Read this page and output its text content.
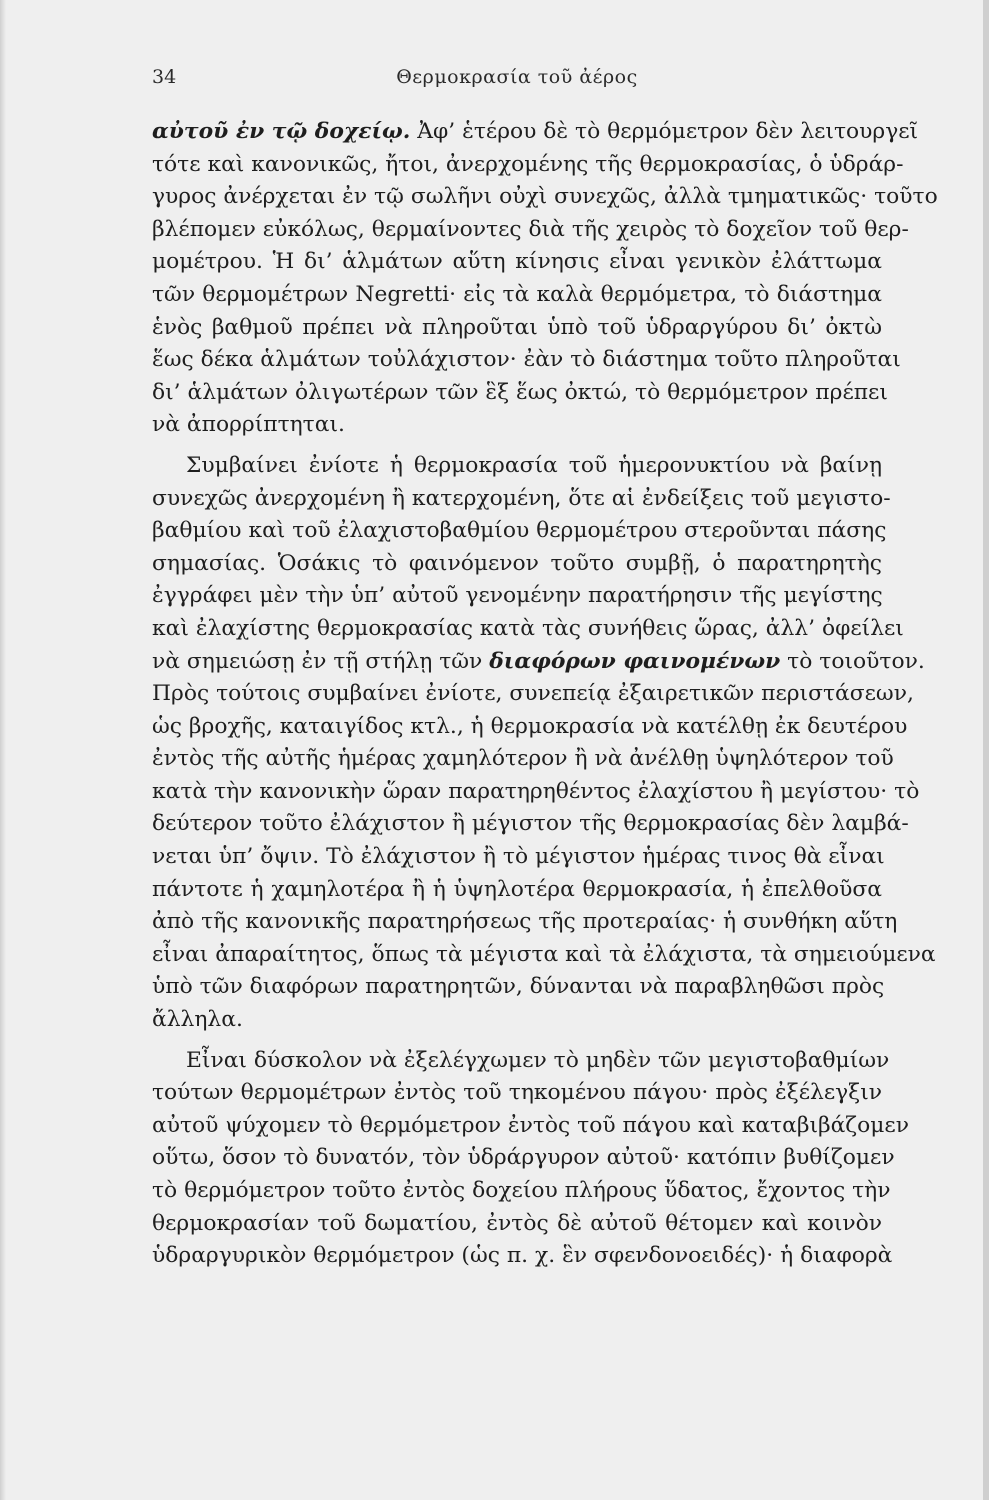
34	Θερμοκρασία τοῦ ἀέρος

αὐτοῦ ἐν τῷ δοχείῳ. Ἀφ’ ἑτέρου δὲ τὸ θερμόμετρον δὲν λειτουργεῖ
τότε καὶ κανονικῶς, ἤτοι, ἀνερχομένης τῆς θερμοκρασίας, ὁ ὑδράρ-
γυρος ἀνέρχεται ἐν τῷ σωλῆνι οὐχὶ συνεχῶς, ἀλλὰ τμηματικῶς· τοῦτο
βλέπομεν εὐκόλως, θερμαίνοντες διὰ τῆς χειρὸς τὸ δοχεῖον τοῦ θερ-
μομέτρου. Ἡ δι’ ἁλμάτων αὕτη κίνησις εἶναι γενικὸν ἐλάττωμα
τῶν θερμομέτρων Negretti· εἰς τὰ καλὰ θερμόμετρα, τὸ διάστημα
ἑνὸς βαθμοῦ πρέπει νὰ πληροῦται ὑπὸ τοῦ ὑδραργύρου δι’ ὀκτὼ
ἕως δέκα ἁλμάτων τοὐλάχιστον· ἐὰν τὸ διάστημα τοῦτο πληροῦται
δι’ ἁλμάτων ὀλιγωτέρων τῶν ἓξ ἕως ὀκτώ, τὸ θερμόμετρον πρέπει
νὰ ἀπορρίπτηται.

Συμβαίνει ἐνίοτε ἡ θερμοκρασία τοῦ ἡμερονυκτίου νὰ βαίνῃ
συνεχῶς ἀνερχομένη ἢ κατερχομένη, ὅτε αἱ ἐνδείξεις τοῦ μεγιστο-
βαθμίου καὶ τοῦ ἐλαχιστοβαθμίου θερμομέτρου στεροῦνται πάσης
σημασίας. Ὁσάκις τὸ φαινόμενον τοῦτο συμβῇ, ὁ παρατηρητὴς
ἐγγράφει μὲν τὴν ὑπ’ αὐτοῦ γενομένην παρατήρησιν τῆς μεγίστης
καὶ ἐλαχίστης θερμοκρασίας κατὰ τὰς συνήθεις ὥρας, ἀλλ’ ὀφείλει
νὰ σημειώσῃ ἐν τῇ στήλῃ τῶν διαφόρων φαινομένων τὸ τοιοῦτον.
Πρὸς τούτοις συμβαίνει ἐνίοτε, συνεπείᾳ ἐξαιρετικῶν περιστάσεων,
ὡς βροχῆς, καταιγίδος κτλ., ἡ θερμοκρασία νὰ κατέλθῃ ἐκ δευτέρου
ἐντὸς τῆς αὐτῆς ἡμέρας χαμηλότερον ἢ νὰ ἀνέλθῃ ὑψηλότερον τοῦ
κατὰ τὴν κανονικὴν ὥραν παρατηρηθέντος ἐλαχίστου ἢ μεγίστου· τὸ
δεύτερον τοῦτο ἐλάχιστον ἢ μέγιστον τῆς θερμοκρασίας δὲν λαμβά-
νεται ὑπ’ ὄψιν. Τὸ ἐλάχιστον ἢ τὸ μέγιστον ἡμέρας τινος θὰ εἶναι
πάντοτε ἡ χαμηλοτέρα ἢ ἡ ὑψηλοτέρα θερμοκρασία, ἡ ἐπελθοῦσα
ἀπὸ τῆς κανονικῆς παρατηρήσεως τῆς προτεραίας· ἡ συνθήκη αὕτη
εἶναι ἀπαραίτητος, ὅπως τὰ μέγιστα καὶ τὰ ἐλάχιστα, τὰ σημειούμενα
ὑπὸ τῶν διαφόρων παρατηρητῶν, δύνανται νὰ παραβληθῶσι πρὸς
ἄλληλα.

Εἶναι δύσκολον νὰ ἐξελέγχωμεν τὸ μηδὲν τῶν μεγιστοβαθμίων
τούτων θερμομέτρων ἐντὸς τοῦ τηκομένου πάγου· πρὸς ἐξέλεγξιν
αὐτοῦ ψύχομεν τὸ θερμόμετρον ἐντὸς τοῦ πάγου καὶ καταβιβάζομεν
οὕτω, ὅσον τὸ δυνατόν, τὸν ὑδράργυρον αὐτοῦ· κατόπιν βυθίζομεν
τὸ θερμόμετρον τοῦτο ἐντὸς δοχείου πλήρους ὕδατος, ἔχοντος τὴν
θερμοκρασίαν τοῦ δωματίου, ἐντὸς δὲ αὐτοῦ θέτομεν καὶ κοινὸν
ὑδραργυρικὸν θερμόμετρον (ὡς π. χ. ἓν σφενδονοειδές)· ἡ διαφορὰ
